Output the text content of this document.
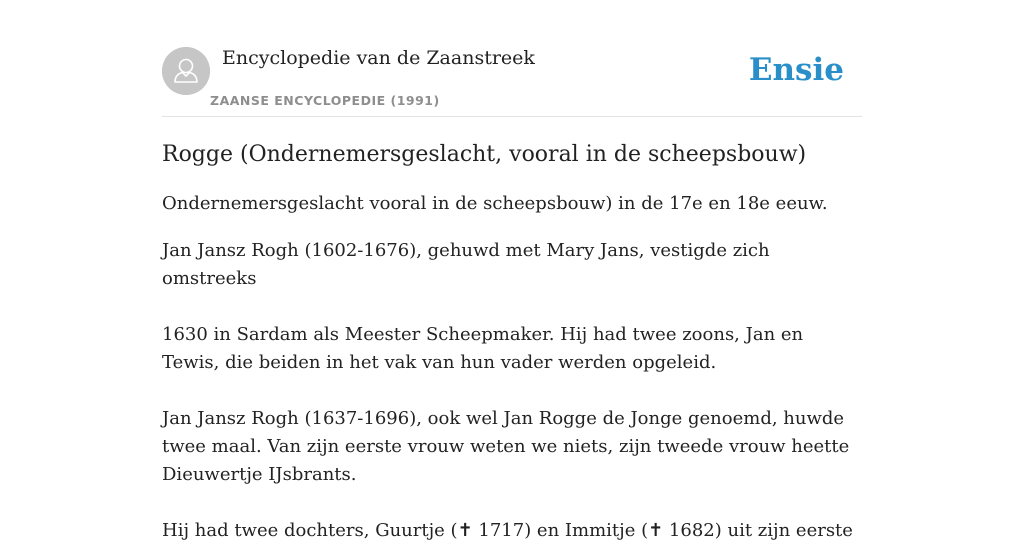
Encyclopedie van de Zaanstreek
ZAANSE ENCYCLOPEDIE (1991)
Ensie
Rogge (Ondernemersgeslacht, vooral in de scheepsbouw)

Ondernemersgeslacht vooral in de scheepsbouw) in de 17e en 18e eeuw.

Jan Jansz Rogh (1602-1676), gehuwd met Mary Jans, vestigde zich omstreeks

1630 in Sardam als Meester Scheepmaker. Hij had twee zoons, Jan en Tewis, die beiden in het vak van hun vader werden opgeleid.

Jan Jansz Rogh (1637-1696), ook wel Jan Rogge de Jonge genoemd, huwde twee maal. Van zijn eerste vrouw weten we niets, zijn tweede vrouw heette Dieuwertje IJsbrants.

Hij had twee dochters, Guurtje (✝ 1717) en Immitje (✝ 1682) uit zijn eerste
